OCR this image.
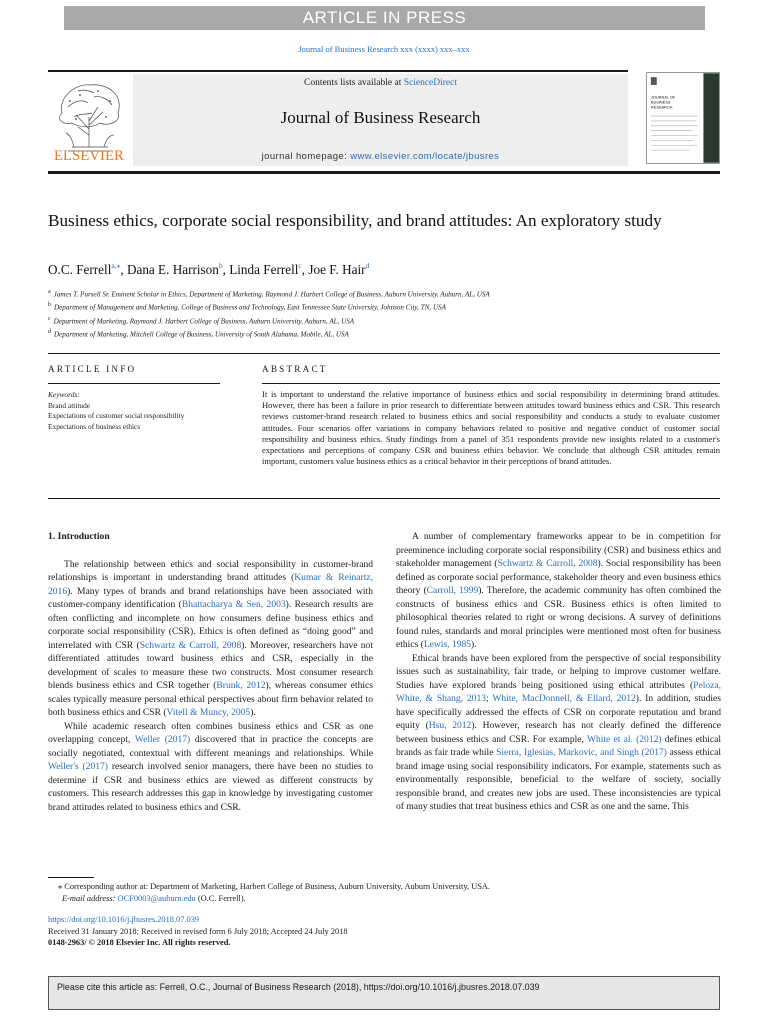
ARTICLE IN PRESS
Journal of Business Research xxx (xxxx) xxx–xxx
ELSEVIER
Contents lists available at ScienceDirect
Journal of Business Research
journal homepage: www.elsevier.com/locate/jbusres
JOURNAL OF
BUSINESS
RESEARCH
Business ethics, corporate social responsibility, and brand attitudes: An exploratory study
O.C. Ferrell$^{a,⁎}$, Dana E. Harrison$^b$, Linda Ferrell$^c$, Joe F. Hair$^d$
$^a$ James T. Pursell Sr. Eminent Scholar in Ethics, Department of Marketing, Raymond J. Harbert College of Business, Auburn University, Auburn, AL, USA
$^b$ Department of Management and Marketing, College of Business and Technology, East Tennessee State University, Johnson City, TN, USA
$^c$ Department of Marketing, Raymond J. Harbert College of Business, Auburn University, Auburn, AL, USA
$^d$ Department of Marketing, Mitchell College of Business, University of South Alabama, Mobile, AL, USA
ARTICLE INFO	ABSTRACT
Keywords:
Brand attitude
Expectations of customer social responsibility
Expectations of business ethics

It is important to understand the relative importance of business ethics and social responsibility in determining brand attitudes. However, there has been a failure in prior research to differentiate between attitudes toward business ethics and CSR. This research reviews customer-brand research related to business ethics and social responsibility and conducts a study to evaluate customer attitudes. Four scenarios offer variations in company behaviors related to positive and negative conduct of customer social responsibility and business ethics. Study findings from a panel of 351 respondents provide new insights related to a customer's expectations and perceptions of company CSR and business ethics behavior. We conclude that although CSR attitudes remain important, customers value business ethics as a critical behavior in their perceptions of brand attitudes.

1. Introduction

The relationship between ethics and social responsibility in customer-brand relationships is important in understanding brand attitudes (Kumar & Reinartz, 2016). Many types of brands and brand relationships have been associated with customer-company identification (Bhattacharya & Sen, 2003). Research results are often conflicting and incomplete on how consumers define business ethics and corporate social responsibility (CSR). Ethics is often defined as “doing good” and interrelated with CSR (Schwartz & Carroll, 2008). Moreover, researchers have not differentiated attitudes toward business ethics and CSR, especially in the development of scales to measure these two constructs. Most consumer research blends business ethics and CSR together (Brunk, 2012), whereas consumer ethics scales typically measure personal ethical perspectives about firm behavior related to both business ethics and CSR (Vitell & Muncy, 2005).

While academic research often combines business ethics and CSR as one overlapping concept, Weller (2017) discovered that in practice the concepts are socially negotiated, contextual with different meanings and relationships. While Weller's (2017) research involved senior managers, there have been no studies to determine if CSR and business ethics are viewed as different constructs by customers. This research addresses this gap in knowledge by investigating customer brand attitudes related to business ethics and CSR.

A number of complementary frameworks appear to be in competition for preeminence including corporate social responsibility (CSR) and business ethics and stakeholder management (Schwartz & Carroll, 2008). Social responsibility has been defined as corporate social performance, stakeholder theory and even business ethics theory (Carroll, 1999). Therefore, the academic community has often combined the constructs of business ethics and CSR. Business ethics is often limited to philosophical theories related to right or wrong decisions. A survey of definitions found rules, standards and moral principles were mentioned most often for business ethics (Lewis, 1985).

Ethical brands have been explored from the perspective of social responsibility issues such as sustainability, fair trade, or helping to improve customer welfare. Studies have explored brands being positioned using ethical attributes (Peloza, White, & Shang, 2013; White, MacDonnell, & Ellard, 2012). In addition, studies have specifically addressed the effects of CSR on corporate reputation and brand equity (Hsu, 2012). However, research has not clearly defined the difference between business ethics and CSR. For example, White et al. (2012) defines ethical brands as fair trade while Sierra, Iglesias, Markovic, and Singh (2017) assess ethical brand image using social responsibility indicators. For example, statements such as environmentally responsible, beneficial to the welfare of society, socially responsible brand, and creates new jobs are used. These inconsistencies are typical of many studies that treat business ethics and CSR as one and the same. This

⁎ Corresponding author at: Department of Marketing, Harbert College of Business, Auburn University, Auburn University, USA.
E-mail address: OCF0003@auburn.edu (O.C. Ferrell).
https://doi.org/10.1016/j.jbusres.2018.07.039
Received 31 January 2018; Received in revised form 6 July 2018; Accepted 24 July 2018
0148-2963/ © 2018 Elsevier Inc. All rights reserved.
Please cite this article as: Ferrell, O.C., Journal of Business Research (2018), https://doi.org/10.1016/j.jbusres.2018.07.039
